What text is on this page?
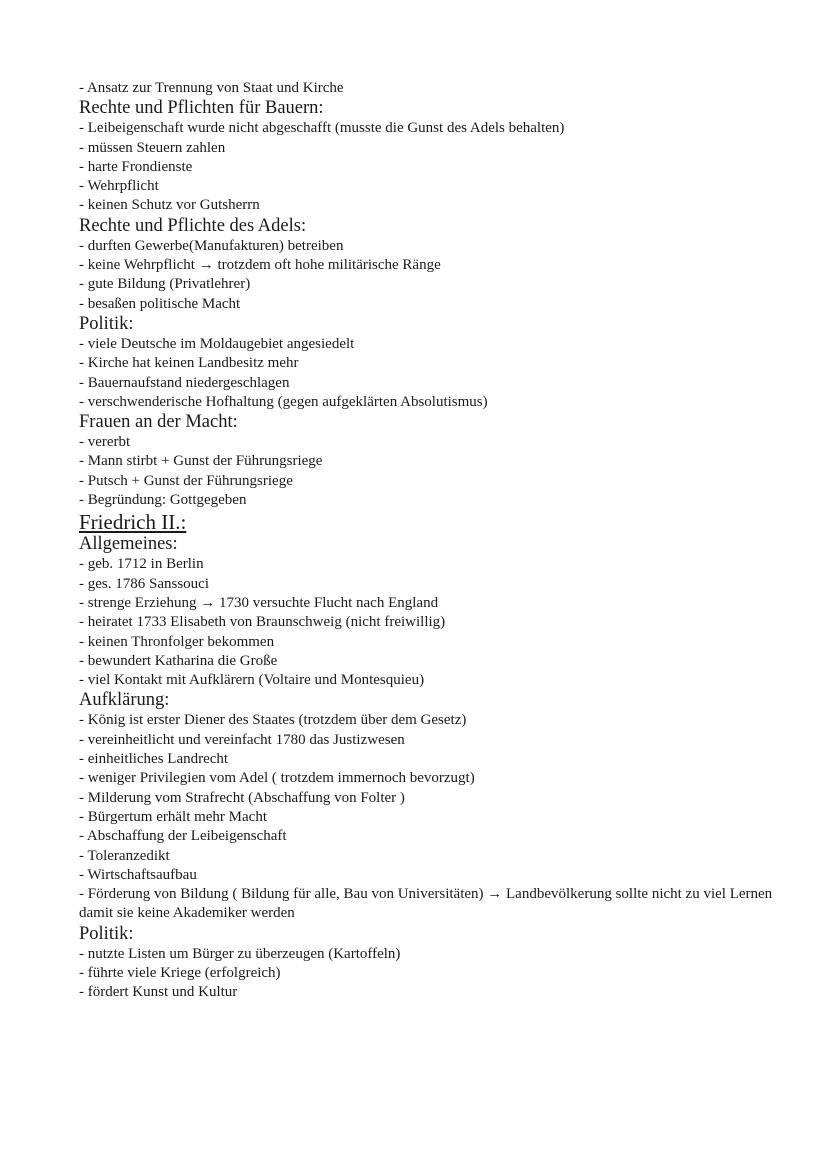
- Ansatz zur Trennung von Staat und Kirche
Rechte und Pflichten für Bauern:
- Leibeigenschaft wurde nicht abgeschafft (musste die Gunst des Adels behalten)
- müssen Steuern zahlen
- harte Frondienste
- Wehrpflicht
- keinen Schutz vor Gutsherrn
Rechte und Pflichte des Adels:
- durften Gewerbe(Manufakturen) betreiben
- keine Wehrpflicht → trotzdem oft hohe militärische Ränge
- gute Bildung (Privatlehrer)
- besaßen politische Macht
Politik:
- viele Deutsche im Moldaugebiet angesiedelt
- Kirche hat keinen Landbesitz mehr
- Bauernaufstand niedergeschlagen
- verschwenderische Hofhaltung (gegen aufgeklärten Absolutismus)
Frauen an der Macht:
- vererbt
- Mann stirbt + Gunst der Führungsriege
- Putsch + Gunst der Führungsriege
- Begründung: Gottgegeben
Friedrich II.:
Allgemeines:
- geb. 1712 in Berlin
- ges. 1786 Sanssouci
- strenge Erziehung → 1730 versuchte Flucht nach England
- heiratet 1733 Elisabeth von Braunschweig (nicht freiwillig)
- keinen Thronfolger bekommen
- bewundert Katharina die Große
- viel Kontakt mit Aufklärern (Voltaire und Montesquieu)
Aufklärung:
- König ist erster Diener des Staates (trotzdem über dem Gesetz)
- vereinheitlicht und vereinfacht 1780 das Justizwesen
- einheitliches Landrecht
- weniger Privilegien vom Adel ( trotzdem immernoch bevorzugt)
- Milderung vom Strafrecht (Abschaffung von Folter )
- Bürgertum erhält mehr Macht
- Abschaffung der Leibeigenschaft
- Toleranzedikt
- Wirtschaftsaufbau
- Förderung von Bildung ( Bildung für alle, Bau von Universitäten) → Landbevölkerung sollte nicht zu viel Lernen damit sie keine Akademiker werden
Politik:
- nutzte Listen um Bürger zu überzeugen (Kartoffeln)
- führte viele Kriege (erfolgreich)
- fördert Kunst und Kultur
